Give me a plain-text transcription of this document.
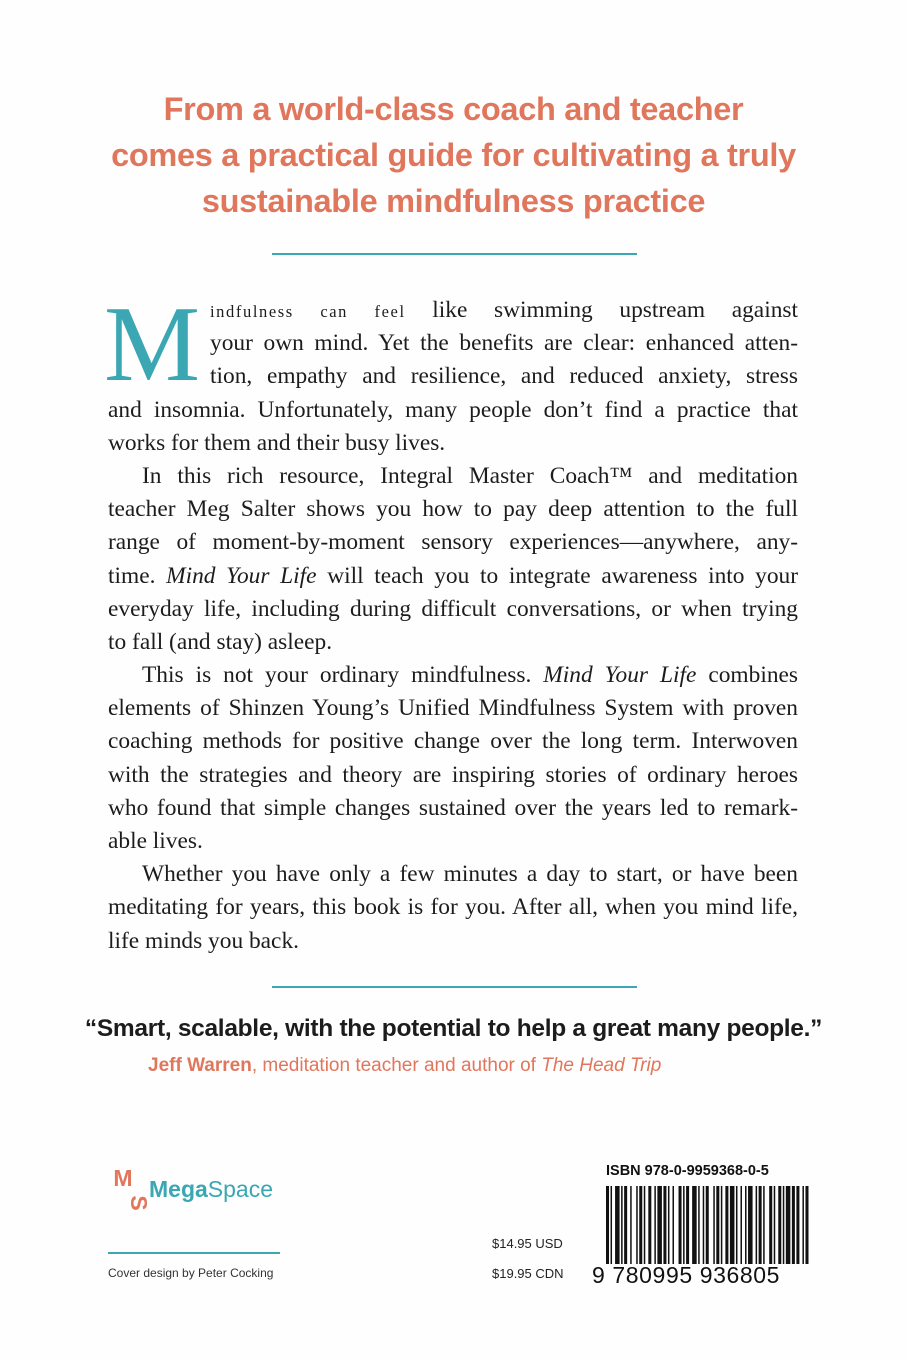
From a world-class coach and teacher
comes a practical guide for cultivating a truly
sustainable mindfulness practice
M indfulness can feel like swimming upstream against
your own mind. Yet the benefits are clear: enhanced atten-
tion, empathy and resilience, and reduced anxiety, stress
and insomnia. Unfortunately, many people don’t find a practice that
works for them and their busy lives.
In this rich resource, Integral Master Coach™ and meditation
teacher Meg Salter shows you how to pay deep attention to the full
range of moment-by-moment sensory experiences—anywhere, any-
time. Mind Your Life will teach you to integrate awareness into your
everyday life, including during difficult conversations, or when trying
to fall (and stay) asleep.
This is not your ordinary mindfulness. Mind Your Life combines
elements of Shinzen Young’s Unified Mindfulness System with proven
coaching methods for positive change over the long term. Interwoven
with the strategies and theory are inspiring stories of ordinary heroes
who found that simple changes sustained over the years led to remark-
able lives.
Whether you have only a few minutes a day to start, or have been
meditating for years, this book is for you. After all, when you mind life,
life minds you back.
“Smart, scalable, with the potential to help a great many people.”
Jeff Warren, meditation teacher and author of The Head Trip
M
S
MegaSpace
Cover design by Peter Cocking
$14.95 USD
$19.95 CDN
ISBN 978-0-9959368-0-5
9 780995 936805
